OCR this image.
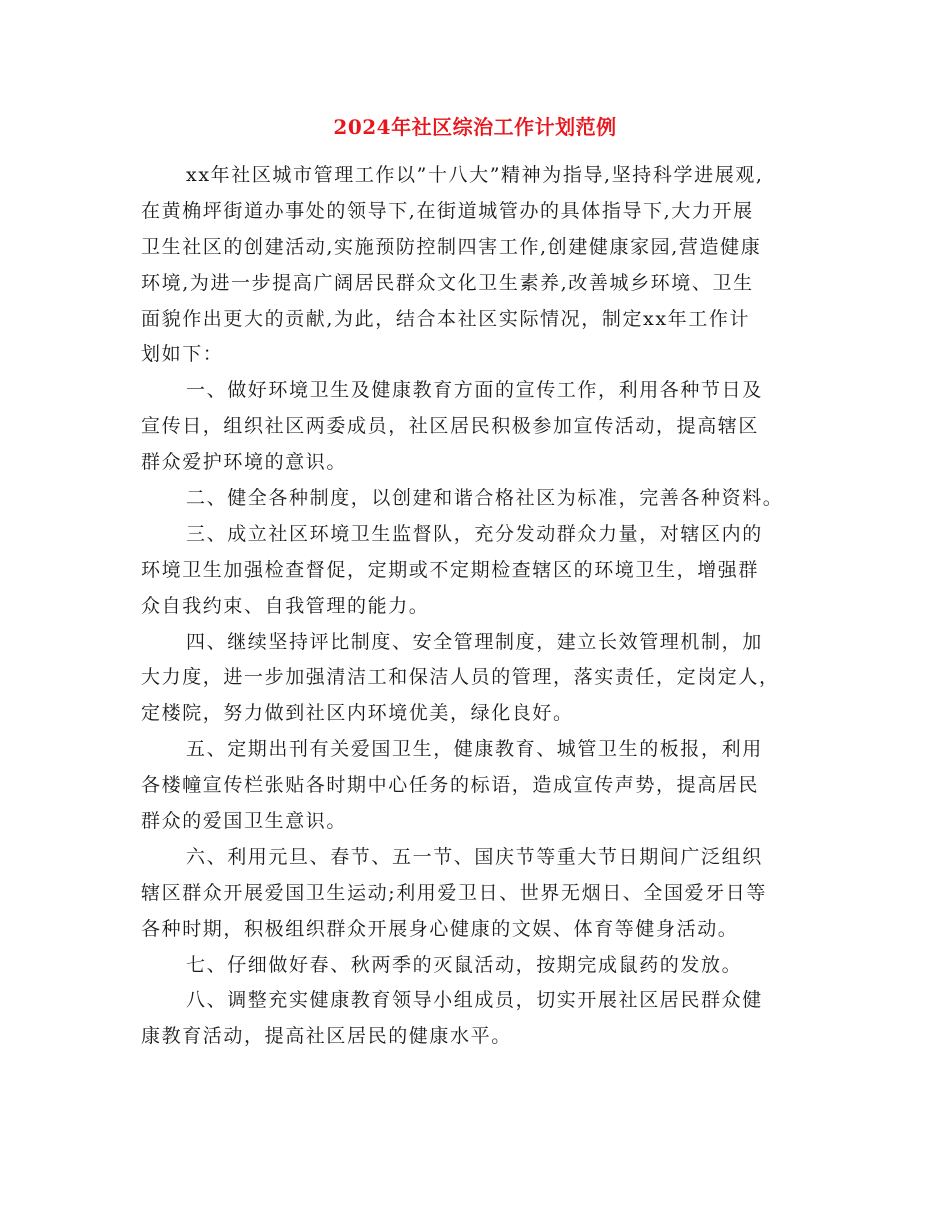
2024年社区综治工作计划范例
xx年社区城市管理工作以”十八大”精神为指导,坚持科学进展观,
在黄桷坪街道办事处的领导下,在街道城管办的具体指导下,大力开展
卫生社区的创建活动,实施预防控制四害工作,创建健康家园,营造健康
环境,为进一步提高广阔居民群众文化卫生素养,改善城乡环境、卫生
面貌作出更大的贡献,为此，结合本社区实际情况，制定xx年工作计
划如下：
一、做好环境卫生及健康教育方面的宣传工作，利用各种节日及
宣传日，组织社区两委成员，社区居民积极参加宣传活动，提高辖区
群众爱护环境的意识。
二、健全各种制度，以创建和谐合格社区为标准，完善各种资料。
三、成立社区环境卫生监督队，充分发动群众力量，对辖区内的
环境卫生加强检查督促，定期或不定期检查辖区的环境卫生，增强群
众自我约束、自我管理的能力。
四、继续坚持评比制度、安全管理制度，建立长效管理机制，加
大力度，进一步加强清洁工和保洁人员的管理，落实责任，定岗定人，
定楼院，努力做到社区内环境优美，绿化良好。
五、定期出刊有关爱国卫生，健康教育、城管卫生的板报，利用
各楼幢宣传栏张贴各时期中心任务的标语，造成宣传声势，提高居民
群众的爱国卫生意识。
六、利用元旦、春节、五一节、国庆节等重大节日期间广泛组织
辖区群众开展爱国卫生运动;利用爱卫日、世界无烟日、全国爱牙日等
各种时期，积极组织群众开展身心健康的文娱、体育等健身活动。
七、仔细做好春、秋两季的灭鼠活动，按期完成鼠药的发放。
八、调整充实健康教育领导小组成员，切实开展社区居民群众健
康教育活动，提高社区居民的健康水平。
